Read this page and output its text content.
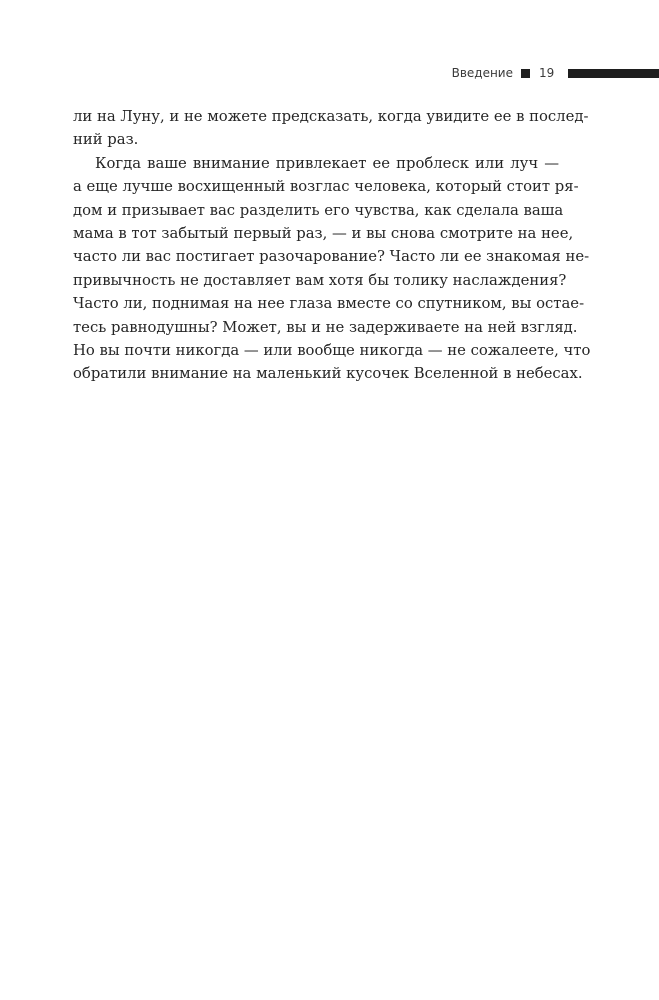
Введение 19
ли на Луну, и не можете предсказать, когда увидите ее в послед-
ний раз.
Когда ваше внимание привлекает ее проблеск или луч —
а еще лучше восхищенный возглас человека, который стоит ря-
дом и призывает вас разделить его чувства, как сделала ваша
мама в тот забытый первый раз, — и вы снова смотрите на нее,
часто ли вас постигает разочарование? Часто ли ее знакомая не-
привычность не доставляет вам хотя бы толику наслаждения?
Часто ли, поднимая на нее глаза вместе со спутником, вы остае-
тесь равнодушны? Может, вы и не задерживаете на ней взгляд.
Но вы почти никогда — или вообще никогда — не сожалеете, что
обратили внимание на маленький кусочек Вселенной в небесах.
